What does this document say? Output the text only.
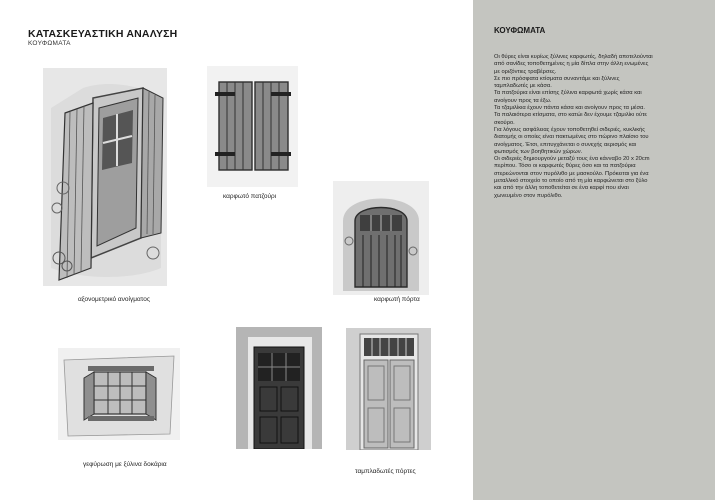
ΚΑΤΑΣΚΕΥΑΣΤΙΚΗ ΑΝΑΛΥΣΗ
ΚΟΥΦΩΜΑΤΑ
αξονομετρικό ανοίγματος
καρφωτό πατζούρι
καρφωτή πόρτα
γεφύρωση με ξύλινα δοκάρια
ταμπλαδωτές πόρτες
ΚΟΥΦΩΜΑΤΑ

Οι θύρες είναι κυρίως ξύλινες καρφωτές, δηλαδή αποτελούνται

από σανίδες τοποθετημένες η μία δίπλα στην άλλη ενωμένες

με οριζόντιες τραβέρσες.

Σε πιο πρόσφατα κτίσματα συναντάμε και ξύλινες

ταμπλαδωτές με κάσα.

Τα πατζούρια είναι επίσης ξύλινα καρφωτά χωρίς κάσα και

ανοίγουν προς τα έξω.

Τα τζαμιλίκια έχουν πάντα κάσα και ανοίγουν προς τα μέσα.

Τα παλαιότερα κτίσματα, στο κατώι δεν έχουμε τζαμιλίκι ούτε

σκούρο.

Για λόγους ασφάλειας έχουν τοποθετηθεί σιδεριές, κυκλικής

διατομής οι οποίες είναι πακτωμένες στο πώρινο πλαίσιο του

ανοίγματος. Έτσι, επιτυγχάνεται ο συνεχής αερισμός και

φωτισμός των βοηθητικών χώρων.

Οι σιδεριές δημιουργούν μεταξύ τους ένα κάνναβο 20 x 20cm

περίπου. Τόσο οι καρφωτές θύρες όσο και τα πατζούρια

στερεώνονται στον πυρόλιθο με μασκούλο. Πρόκειται για ένα

μεταλλικό στοιχείο το οποίο από τη μία καρφώνεται στο ξύλο

και από την άλλη τοποθετείται σε ένα καρφί που είναι

χωνευμένο στον πυρόλιθο.
